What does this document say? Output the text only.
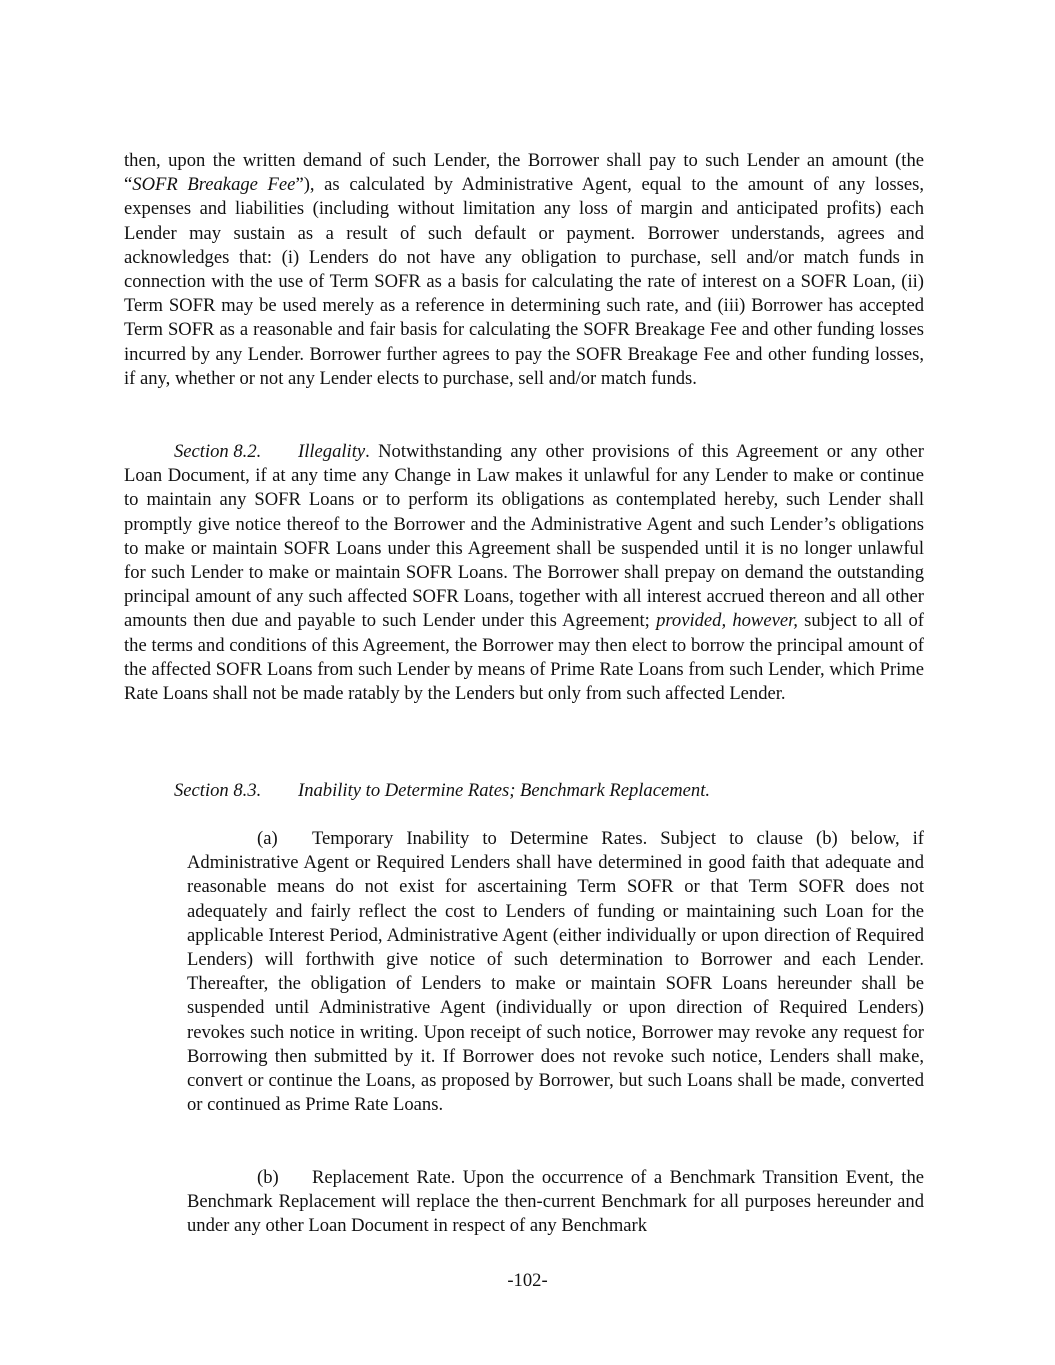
then, upon the written demand of such Lender, the Borrower shall pay to such Lender an amount (the “SOFR Breakage Fee”), as calculated by Administrative Agent, equal to the amount of any losses, expenses and liabilities (including without limitation any loss of margin and anticipated profits) each Lender may sustain as a result of such default or payment. Borrower understands, agrees and acknowledges that: (i) Lenders do not have any obligation to purchase, sell and/or match funds in connection with the use of Term SOFR as a basis for calculating the rate of interest on a SOFR Loan, (ii) Term SOFR may be used merely as a reference in determining such rate, and (iii) Borrower has accepted Term SOFR as a reasonable and fair basis for calculating the SOFR Breakage Fee and other funding losses incurred by any Lender. Borrower further agrees to pay the SOFR Breakage Fee and other funding losses, if any, whether or not any Lender elects to purchase, sell and/or match funds.

Section 8.2. Illegality. Notwithstanding any other provisions of this Agreement or any other Loan Document, if at any time any Change in Law makes it unlawful for any Lender to make or continue to maintain any SOFR Loans or to perform its obligations as contemplated hereby, such Lender shall promptly give notice thereof to the Borrower and the Administrative Agent and such Lender’s obligations to make or maintain SOFR Loans under this Agreement shall be suspended until it is no longer unlawful for such Lender to make or maintain SOFR Loans. The Borrower shall prepay on demand the outstanding principal amount of any such affected SOFR Loans, together with all interest accrued thereon and all other amounts then due and payable to such Lender under this Agreement; provided, however, subject to all of the terms and conditions of this Agreement, the Borrower may then elect to borrow the principal amount of the affected SOFR Loans from such Lender by means of Prime Rate Loans from such Lender, which Prime Rate Loans shall not be made ratably by the Lenders but only from such affected Lender.

Section 8.3. Inability to Determine Rates; Benchmark Replacement.

(a) Temporary Inability to Determine Rates. Subject to clause (b) below, if Administrative Agent or Required Lenders shall have determined in good faith that adequate and reasonable means do not exist for ascertaining Term SOFR or that Term SOFR does not adequately and fairly reflect the cost to Lenders of funding or maintaining such Loan for the applicable Interest Period, Administrative Agent (either individually or upon direction of Required Lenders) will forthwith give notice of such determination to Borrower and each Lender. Thereafter, the obligation of Lenders to make or maintain SOFR Loans hereunder shall be suspended until Administrative Agent (individually or upon direction of Required Lenders) revokes such notice in writing. Upon receipt of such notice, Borrower may revoke any request for Borrowing then submitted by it. If Borrower does not revoke such notice, Lenders shall make, convert or continue the Loans, as proposed by Borrower, but such Loans shall be made, converted or continued as Prime Rate Loans.

(b) Replacement Rate. Upon the occurrence of a Benchmark Transition Event, the Benchmark Replacement will replace the then-current Benchmark for all purposes hereunder and under any other Loan Document in respect of any Benchmark

-102-
